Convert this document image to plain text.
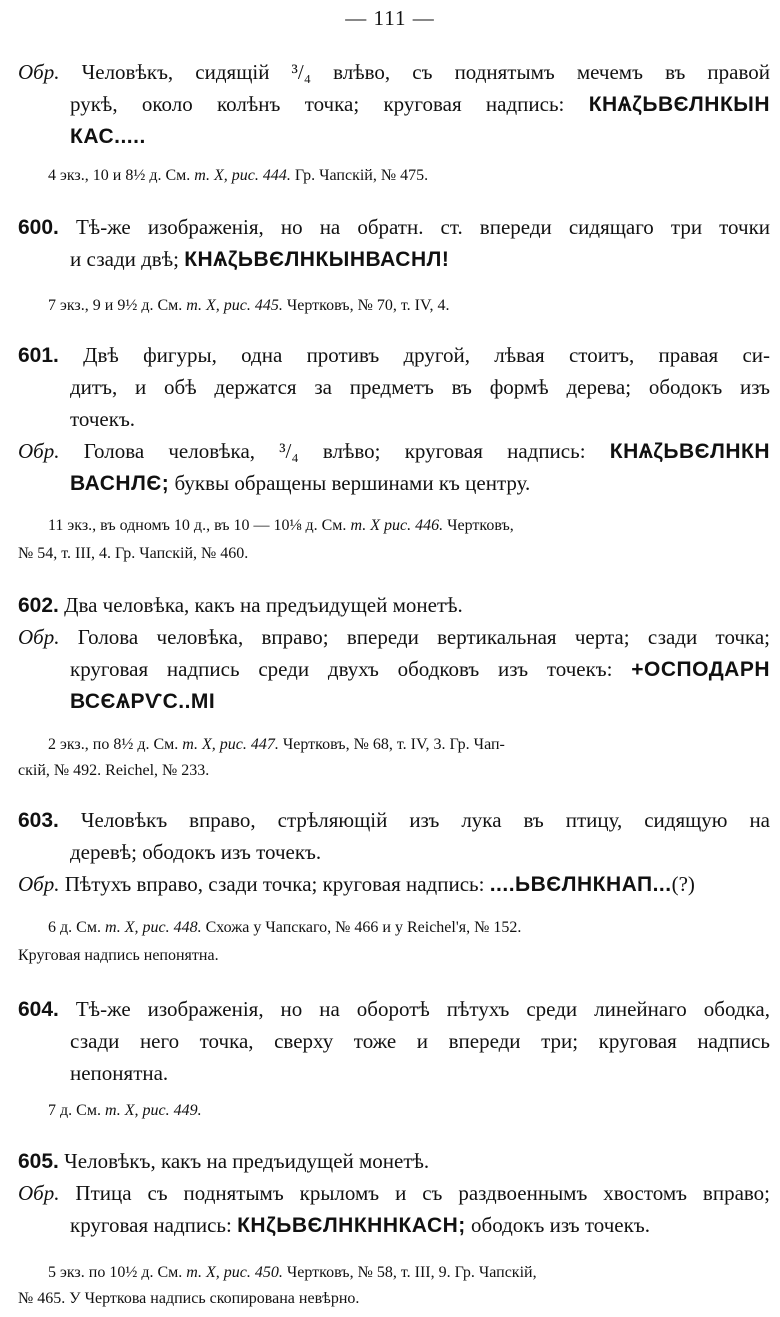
— 111 —
Обр. Человѣкъ, сидящій ³/₄ влѣво, съ поднятымъ мечемъ въ правой
рукѣ, около колѣнъ точка; круговая надпись: КНѦζЬВЄЛНКЫН
КАС.....
4 экз., 10 и 8½ д. См. т. X, рис. 444. Гр. Чапскій, № 475.
600. Тѣ-же изображенія, но на обратн. ст. впереди сидящаго три точки
и сзади двѣ; КНѦζЬВЄЛНКЫНВАСНЛ!
7 экз., 9 и 9½ д. См. т. X, рис. 445. Чертковъ, № 70, т. IV, 4.
601. Двѣ фигуры, одна противъ другой, лѣвая стоитъ, правая си-
дитъ, и обѣ держатся за предметъ въ формѣ дерева; ободокъ изъ
точекъ.
Обр. Голова человѣка, ³/₄ влѣво; круговая надпись: КНѦζЬВЄЛНКН
ВАСНЛЄ; буквы обращены вершинами къ центру.
11 экз., въ одномъ 10 д., въ 10 — 10⅛ д. См. т. X рис. 446. Чертковъ,
№ 54, т. III, 4. Гр. Чапскій, № 460.
602. Два человѣка, какъ на предъидущей монетѣ.
Обр. Голова человѣка, вправо; впереди вертикальная черта; сзади точка;
круговая надпись среди двухъ ободковъ изъ точекъ: +ОСПОДАРН
ВСЄѦРѴС..МІ
2 экз., по 8½ д. См. т. X, рис. 447. Чертковъ, № 68, т. IV, 3. Гр. Чап-
скій, № 492. Reichel, № 233.
603. Человѣкъ вправо, стрѣляющій изъ лука въ птицу, сидящую на
деревѣ; ободокъ изъ точекъ.
Обр. Пѣтухъ вправо, сзади точка; круговая надпись: ....ЬВЄЛНКНАП...(?)
6 д. См. т. X, рис. 448. Схожа у Чапскаго, № 466 и у Reichel'я, № 152.
Круговая надпись непонятна.
604. Тѣ-же изображенія, но на оборотѣ пѣтухъ среди линейнаго ободка,
сзади него точка, сверху тоже и впереди три; круговая надпись
непонятна.
7 д. См. т. X, рис. 449.
605. Человѣкъ, какъ на предъидущей монетѣ.
Обр. Птица съ поднятымъ крыломъ и съ раздвоеннымъ хвостомъ вправо;
круговая надпись: КНζЬВЄЛНКННКАСН; ободокъ изъ точекъ.
5 экз. по 10½ д. См. т. X, рис. 450. Чертковъ, № 58, т. III, 9. Гр. Чапскій,
№ 465. У Черткова надпись скопирована невѣрно.
